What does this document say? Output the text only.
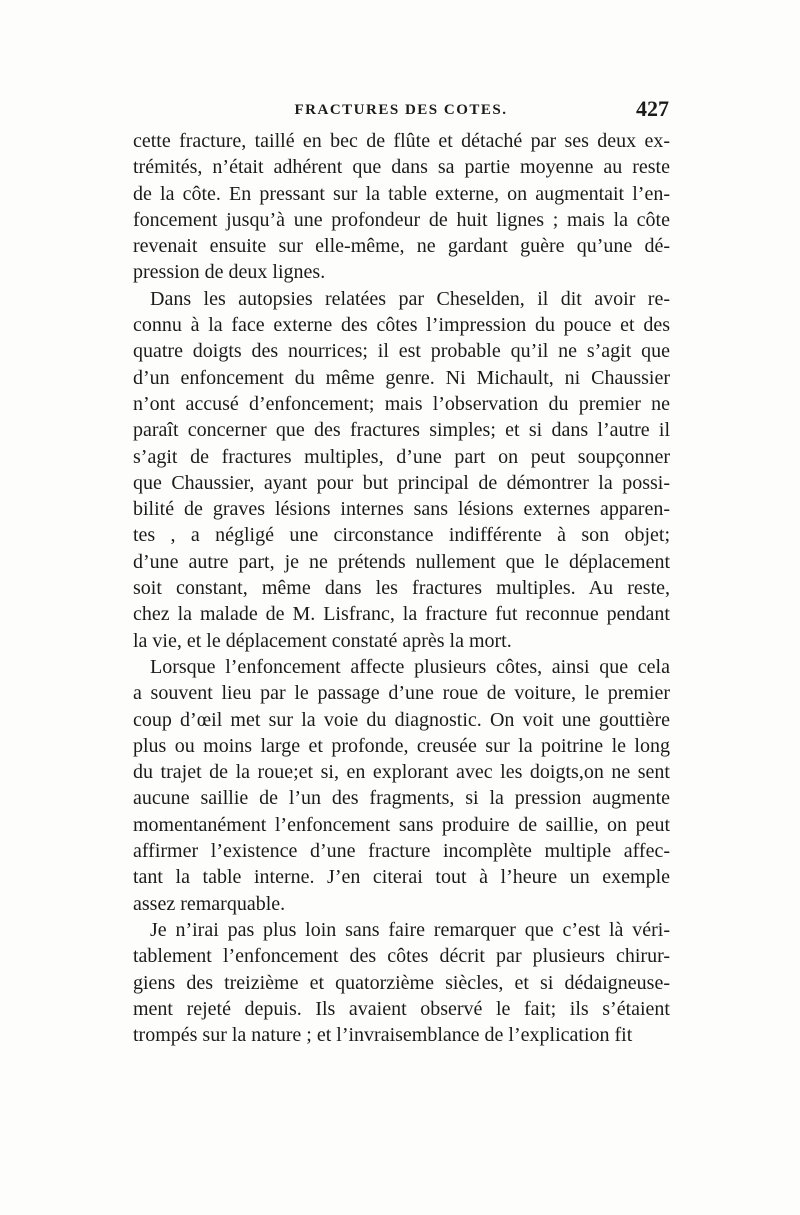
FRACTURES DES COTES.	427

cette fracture, taillé en bec de flûte et détaché par ses deux ex-
trémités, n’était adhérent que dans sa partie moyenne au reste
de la côte. En pressant sur la table externe, on augmentait l’en-
foncement jusqu’à une profondeur de huit lignes ; mais la côte
revenait ensuite sur elle-même, ne gardant guère qu’une dé-
pression de deux lignes.

Dans les autopsies relatées par Cheselden, il dit avoir re-
connu à la face externe des côtes l’impression du pouce et des
quatre doigts des nourrices; il est probable qu’il ne s’agit que
d’un enfoncement du même genre. Ni Michault, ni Chaussier
n’ont accusé d’enfoncement; mais l’observation du premier ne
paraît concerner que des fractures simples; et si dans l’autre il
s’agit de fractures multiples, d’une part on peut soupçonner
que Chaussier, ayant pour but principal de démontrer la possi-
bilité de graves lésions internes sans lésions externes apparen-
tes , a négligé une circonstance indifférente à son objet;
d’une autre part, je ne prétends nullement que le déplacement
soit constant, même dans les fractures multiples. Au reste,
chez la malade de M. Lisfranc, la fracture fut reconnue pendant
la vie, et le déplacement constaté après la mort.

Lorsque l’enfoncement affecte plusieurs côtes, ainsi que cela
a souvent lieu par le passage d’une roue de voiture, le premier
coup d’œil met sur la voie du diagnostic. On voit une gouttière
plus ou moins large et profonde, creusée sur la poitrine le long
du trajet de la roue;et si, en explorant avec les doigts,on ne sent
aucune saillie de l’un des fragments, si la pression augmente
momentanément l’enfoncement sans produire de saillie, on peut
affirmer l’existence d’une fracture incomplète multiple affec-
tant la table interne. J’en citerai tout à l’heure un exemple
assez remarquable.

Je n’irai pas plus loin sans faire remarquer que c’est là véri-
tablement l’enfoncement des côtes décrit par plusieurs chirur-
giens des treizième et quatorzième siècles, et si dédaigneuse-
ment rejeté depuis. Ils avaient observé le fait; ils s’étaient
trompés sur la nature ; et l’invraisemblance de l’explication fit
